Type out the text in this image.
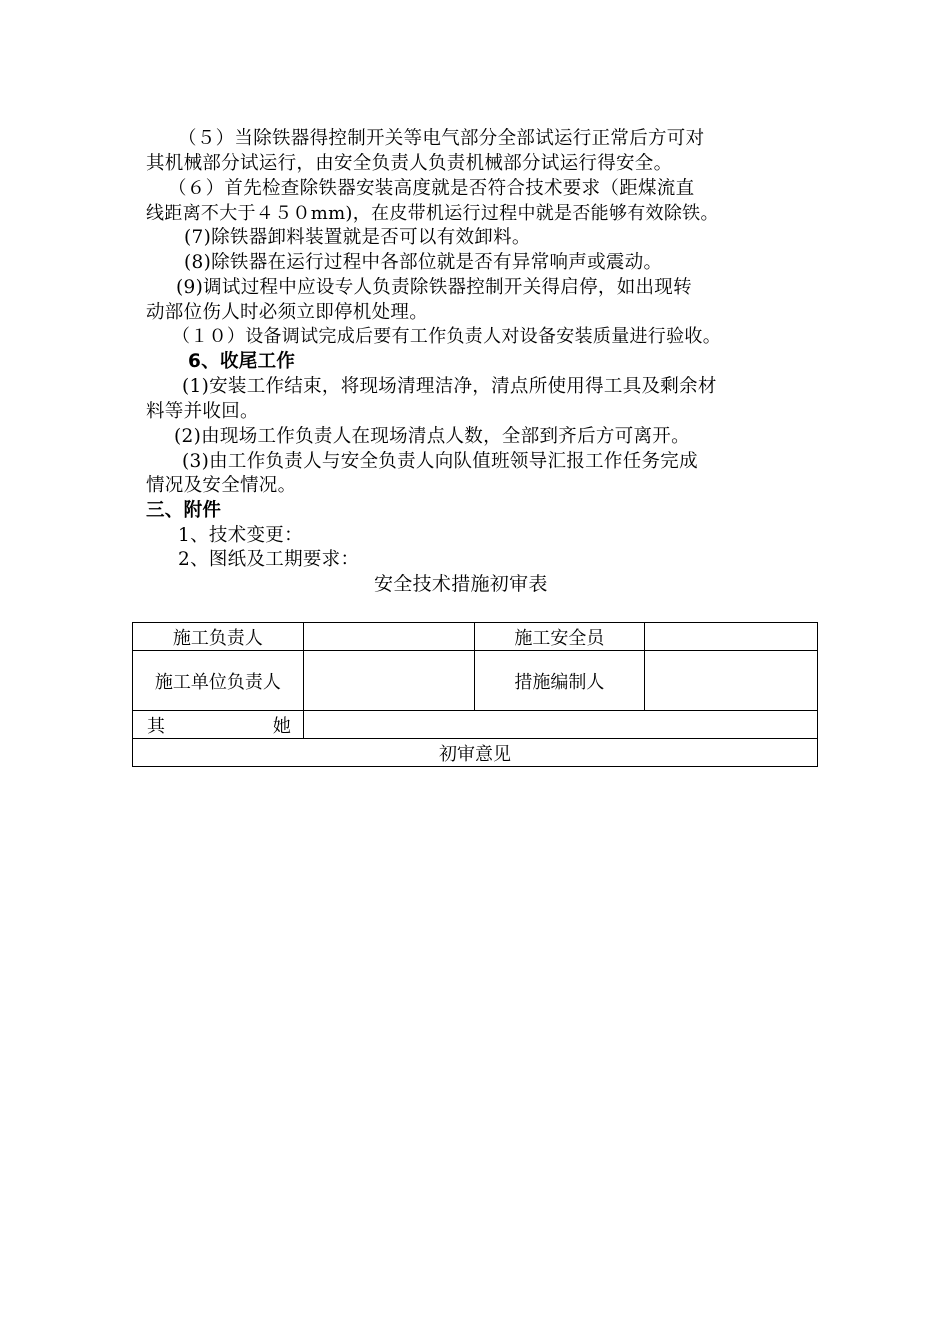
（５）当除铁器得控制开关等电气部分全部试运行正常后方可对
其机械部分试运行，由安全负责人负责机械部分试运行得安全。
（６）首先检查除铁器安装高度就是否符合技术要求（距煤流直
线距离不大于４５０mm)，在皮带机运行过程中就是否能够有效除铁。
(7)除铁器卸料装置就是否可以有效卸料。
(8)除铁器在运行过程中各部位就是否有异常响声或震动。
(9)调试过程中应设专人负责除铁器控制开关得启停，如出现转
动部位伤人时必须立即停机处理。
（１０）设备调试完成后要有工作负责人对设备安装质量进行验收。
6、收尾工作
(1)安装工作结束，将现场清理洁净，清点所使用得工具及剩余材
料等并收回。
(2)由现场工作负责人在现场清点人数，全部到齐后方可离开。
(3)由工作负责人与安全负责人向队值班领导汇报工作任务完成
情况及安全情况。
三、附件
1、技术变更：
2、图纸及工期要求：
安全技术措施初审表
施工负责人		施工安全员	
施工单位负责人		措施编制人	

其 她			

初审意见			
